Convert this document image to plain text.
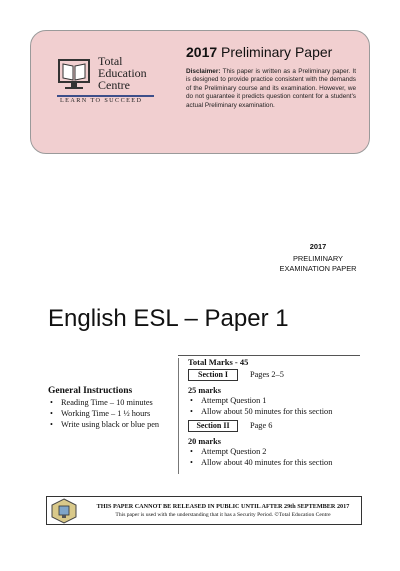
Total
Education
Centre
LEARN TO SUCCEED
2017 Preliminary Paper
Disclaimer: This paper is written as a Preliminary paper. It is designed to provide practice consistent with the demands of the Preliminary course and its examination. However, we do not guarantee it predicts question content for a student's actual Preliminary examination.
2017
PRELIMINARY
EXAMINATION PAPER
English ESL – Paper 1
General Instructions
• Reading Time – 10 minutes
• Working Time – 1 ½ hours
• Write using black or blue pen
Total Marks - 45
Section I	Pages 2–5
25 marks
• Attempt Question 1
• Allow about 50 minutes for this section
Section II	Page 6
20 marks
• Attempt Question 2
• Allow about 40 minutes for this section
THIS PAPER CANNOT BE RELEASED IN PUBLIC UNTIL AFTER 29th SEPTEMBER 2017
This paper is used with the understanding that it has a Security Period. ©Total Education Centre
